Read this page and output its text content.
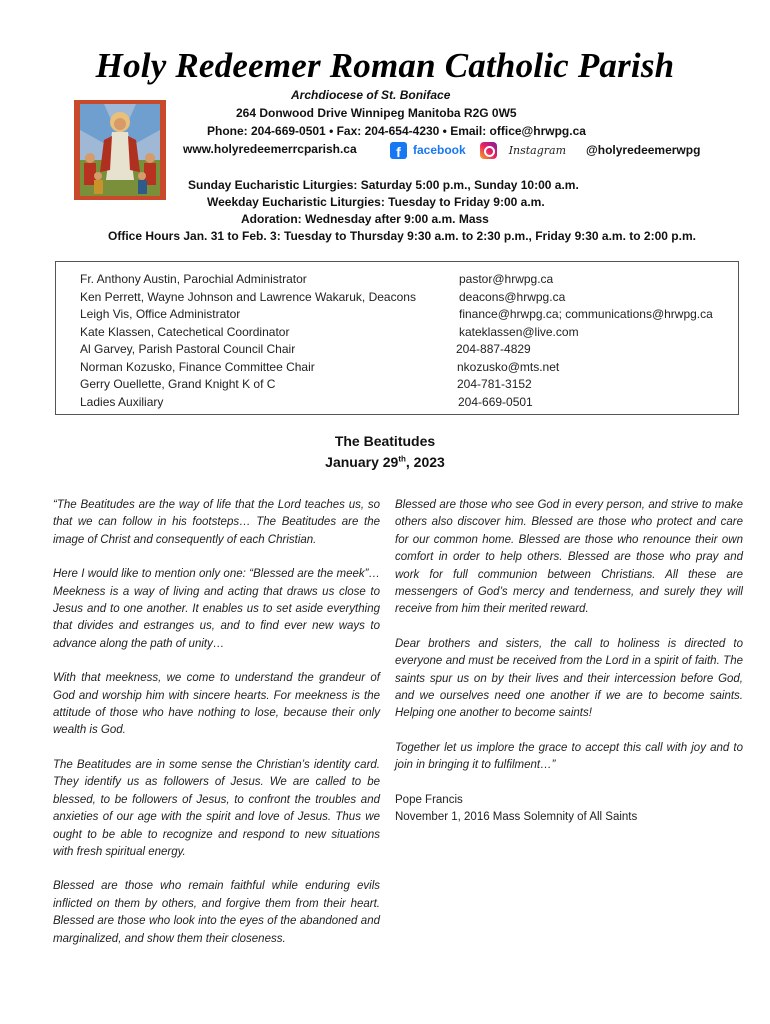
Holy Redeemer Roman Catholic Parish
Archdiocese of St. Boniface
264 Donwood Drive Winnipeg Manitoba R2G 0W5
Phone: 204-669-0501 • Fax: 204-654-4230 • Email: office@hrwpg.ca
www.holyredeemerrcparish.ca	f	facebook	Instagram @holyredeemerwpg
Sunday Eucharistic Liturgies: Saturday 5:00 p.m., Sunday 10:00 a.m.
Weekday Eucharistic Liturgies: Tuesday to Friday 9:00 a.m.
Adoration: Wednesday after 9:00 a.m. Mass
Office Hours Jan. 31 to Feb. 3: Tuesday to Thursday 9:30 a.m. to 2:30 p.m., Friday 9:30 a.m. to 2:00 p.m.
Fr. Anthony Austin, Parochial Administrator	pastor@hrwpg.ca
Ken Perrett, Wayne Johnson and Lawrence Wakaruk, Deacons	deacons@hrwpg.ca
Leigh Vis, Office Administrator	finance@hrwpg.ca; communications@hrwpg.ca
Kate Klassen, Catechetical Coordinator	kateklassen@live.com
Al Garvey, Parish Pastoral Council Chair	204-887-4829
Norman Kozusko, Finance Committee Chair	nkozusko@mts.net
Gerry Ouellette, Grand Knight K of C	204-781-3152
Ladies Auxiliary	204-669-0501
The Beatitudes
January 29th, 2023

“The Beatitudes are the way of life that the Lord teaches us, so that we can follow in his footsteps… The Beatitudes are the image of Christ and consequently of each Christian.

Here I would like to mention only one: “Blessed are the meek”…Meekness is a way of living and acting that draws us close to Jesus and to one another. It enables us to set aside everything that divides and estranges us, and to find ever new ways to advance along the path of unity…

With that meekness, we come to understand the grandeur of God and worship him with sincere hearts. For meekness is the attitude of those who have nothing to lose, because their only wealth is God.

The Beatitudes are in some sense the Christian’s identity card. They identify us as followers of Jesus. We are called to be blessed, to be followers of Jesus, to confront the troubles and anxieties of our age with the spirit and love of Jesus. Thus we ought to be able to recognize and respond to new situations with fresh spiritual energy.

Blessed are those who remain faithful while enduring evils inflicted on them by others, and forgive them from their heart. Blessed are those who look into the eyes of the abandoned and marginalized, and show them their closeness.

Blessed are those who see God in every person, and strive to make others also discover him. Blessed are those who protect and care for our common home. Blessed are those who renounce their own comfort in order to help others. Blessed are those who pray and work for full communion between Christians. All these are messengers of God’s mercy and tenderness, and surely they will receive from him their merited reward.

Dear brothers and sisters, the call to holiness is directed to everyone and must be received from the Lord in a spirit of faith. The saints spur us on by their lives and their intercession before God, and we ourselves need one another if we are to become saints. Helping one another to become saints!

Together let us implore the grace to accept this call with joy and to join in bringing it to fulfilment…”

Pope Francis
November 1, 2016 Mass Solemnity of All Saints
